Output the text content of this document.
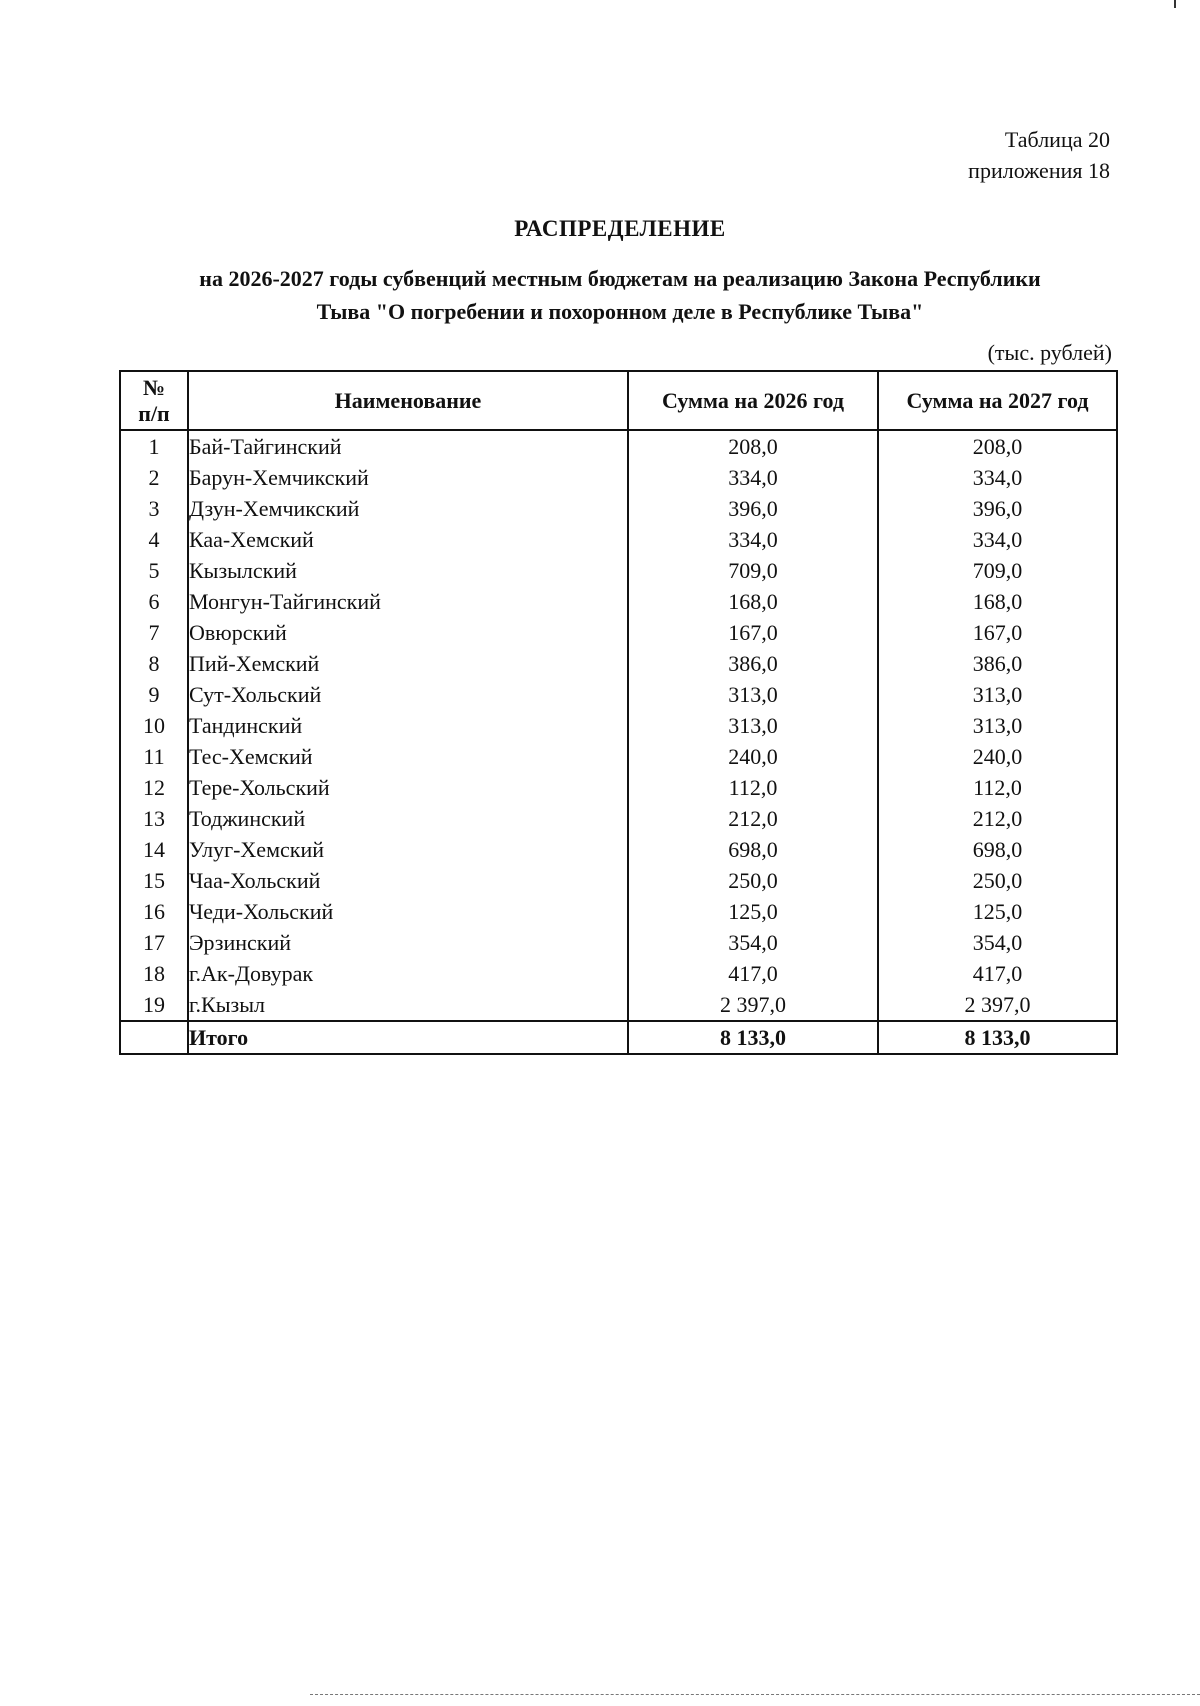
Таблица 20
приложения 18
РАСПРЕДЕЛЕНИЕ
на 2026-2027 годы субвенций местным бюджетам на реализацию Закона Республики
Тыва "О погребении и похоронном деле в Республике Тыва"
(тыс. рублей)
№
п/п	Наименование	Сумма на 2026 год	Сумма на 2027 год
1	Бай-Тайгинский	208,0	208,0
2	Барун-Хемчикский	334,0	334,0
3	Дзун-Хемчикский	396,0	396,0
4	Каа-Хемский	334,0	334,0
5	Кызылский	709,0	709,0
6	Монгун-Тайгинский	168,0	168,0
7	Овюрский	167,0	167,0
8	Пий-Хемский	386,0	386,0
9	Сут-Хольский	313,0	313,0
10	Тандинский	313,0	313,0
11	Тес-Хемский	240,0	240,0
12	Тере-Хольский	112,0	112,0
13	Тоджинский	212,0	212,0
14	Улуг-Хемский	698,0	698,0
15	Чаа-Хольский	250,0	250,0
16	Чеди-Хольский	125,0	125,0
17	Эрзинский	354,0	354,0
18	г.Ак-Довурак	417,0	417,0
19	г.Кызыл	2 397,0	2 397,0
	Итого	8 133,0	8 133,0
